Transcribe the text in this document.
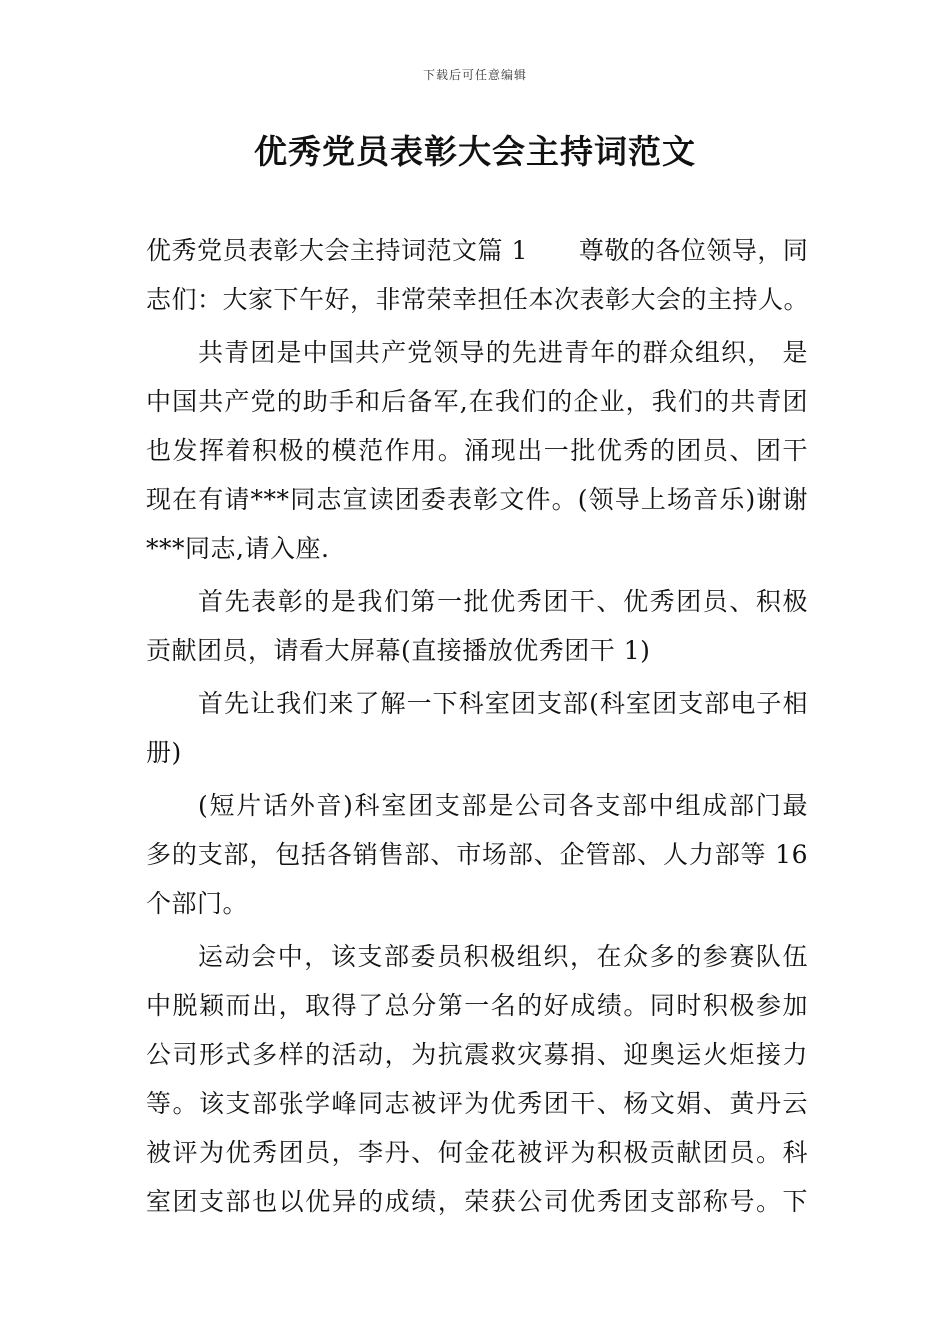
下载后可任意编辑
优秀党员表彰大会主持词范文
优秀党员表彰大会主持词范文篇 1　　尊敬的各位领导，同
志们：大家下午好，非常荣幸担任本次表彰大会的主持人。
共青团是中国共产党领导的先进青年的群众组织， 是
中国共产党的助手和后备军,在我们的企业，我们的共青团
也发挥着积极的模范作用。涌现出一批优秀的团员、团干
现在有请***同志宣读团委表彰文件。(领导上场音乐)谢谢
***同志,请入座.
首先表彰的是我们第一批优秀团干、优秀团员、积极
贡献团员，请看大屏幕(直接播放优秀团干 1)
首先让我们来了解一下科室团支部(科室团支部电子相
册)
(短片话外音)科室团支部是公司各支部中组成部门最
多的支部，包括各销售部、市场部、企管部、人力部等 16
个部门。
运动会中，该支部委员积极组织，在众多的参赛队伍
中脱颖而出，取得了总分第一名的好成绩。同时积极参加
公司形式多样的活动，为抗震救灾募捐、迎奥运火炬接力
等。该支部张学峰同志被评为优秀团干、杨文娟、黄丹云
被评为优秀团员，李丹、何金花被评为积极贡献团员。科
室团支部也以优异的成绩，荣获公司优秀团支部称号。下
